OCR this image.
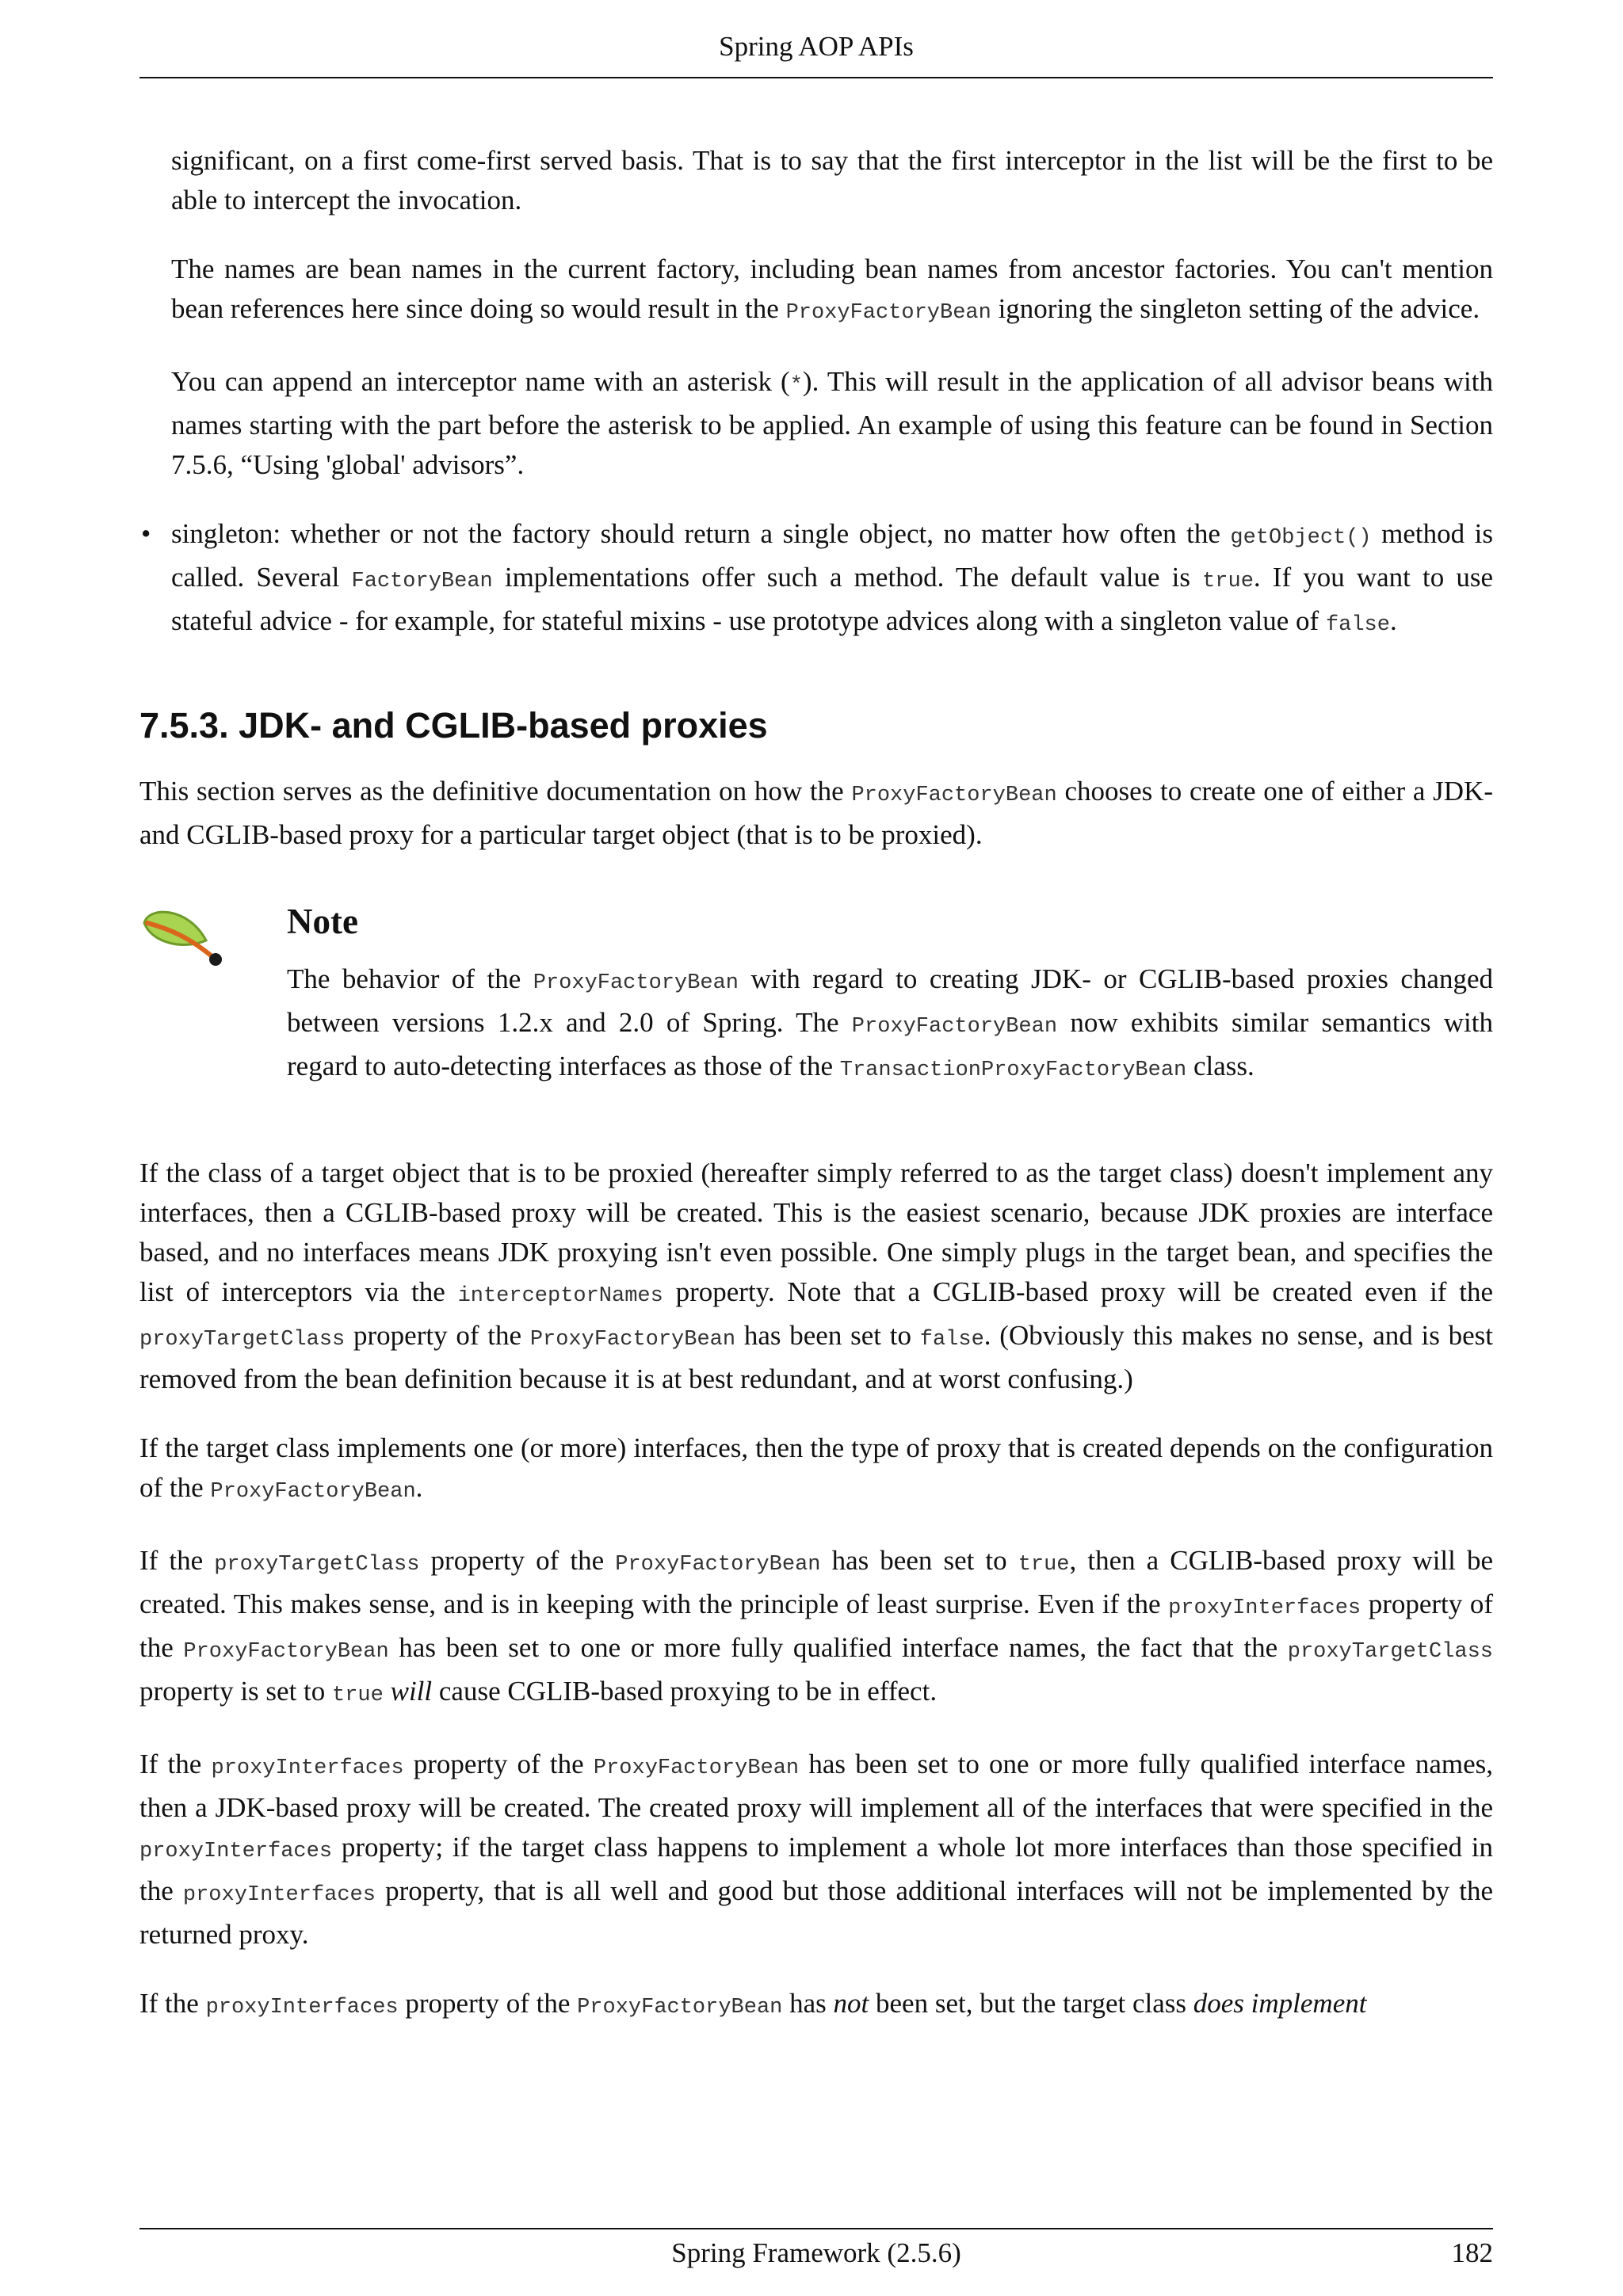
Spring AOP APIs

significant, on a first come-first served basis. That is to say that the first interceptor in the list will be the first to be able to intercept the invocation.

The names are bean names in the current factory, including bean names from ancestor factories. You can't mention bean references here since doing so would result in the ProxyFactoryBean ignoring the singleton setting of the advice.

You can append an interceptor name with an asterisk (*). This will result in the application of all advisor beans with names starting with the part before the asterisk to be applied. An example of using this feature can be found in Section 7.5.6, “Using 'global' advisors”.

• singleton: whether or not the factory should return a single object, no matter how often the getObject() method is called. Several FactoryBean implementations offer such a method. The default value is true. If you want to use stateful advice - for example, for stateful mixins - use prototype advices along with a singleton value of false.

7.5.3. JDK- and CGLIB-based proxies

This section serves as the definitive documentation on how the ProxyFactoryBean chooses to create one of either a JDK- and CGLIB-based proxy for a particular target object (that is to be proxied).

Note

The behavior of the ProxyFactoryBean with regard to creating JDK- or CGLIB-based proxies changed between versions 1.2.x and 2.0 of Spring. The ProxyFactoryBean now exhibits similar semantics with regard to auto-detecting interfaces as those of the TransactionProxyFactoryBean class.

If the class of a target object that is to be proxied (hereafter simply referred to as the target class) doesn't implement any interfaces, then a CGLIB-based proxy will be created. This is the easiest scenario, because JDK proxies are interface based, and no interfaces means JDK proxying isn't even possible. One simply plugs in the target bean, and specifies the list of interceptors via the interceptorNames property. Note that a CGLIB-based proxy will be created even if the proxyTargetClass property of the ProxyFactoryBean has been set to false. (Obviously this makes no sense, and is best removed from the bean definition because it is at best redundant, and at worst confusing.)

If the target class implements one (or more) interfaces, then the type of proxy that is created depends on the configuration of the ProxyFactoryBean.

If the proxyTargetClass property of the ProxyFactoryBean has been set to true, then a CGLIB-based proxy will be created. This makes sense, and is in keeping with the principle of least surprise. Even if the proxyInterfaces property of the ProxyFactoryBean has been set to one or more fully qualified interface names, the fact that the proxyTargetClass property is set to true will cause CGLIB-based proxying to be in effect.

If the proxyInterfaces property of the ProxyFactoryBean has been set to one or more fully qualified interface names, then a JDK-based proxy will be created. The created proxy will implement all of the interfaces that were specified in the proxyInterfaces property; if the target class happens to implement a whole lot more interfaces than those specified in the proxyInterfaces property, that is all well and good but those additional interfaces will not be implemented by the returned proxy.

If the proxyInterfaces property of the ProxyFactoryBean has not been set, but the target class does implement

Spring Framework (2.5.6)	182
